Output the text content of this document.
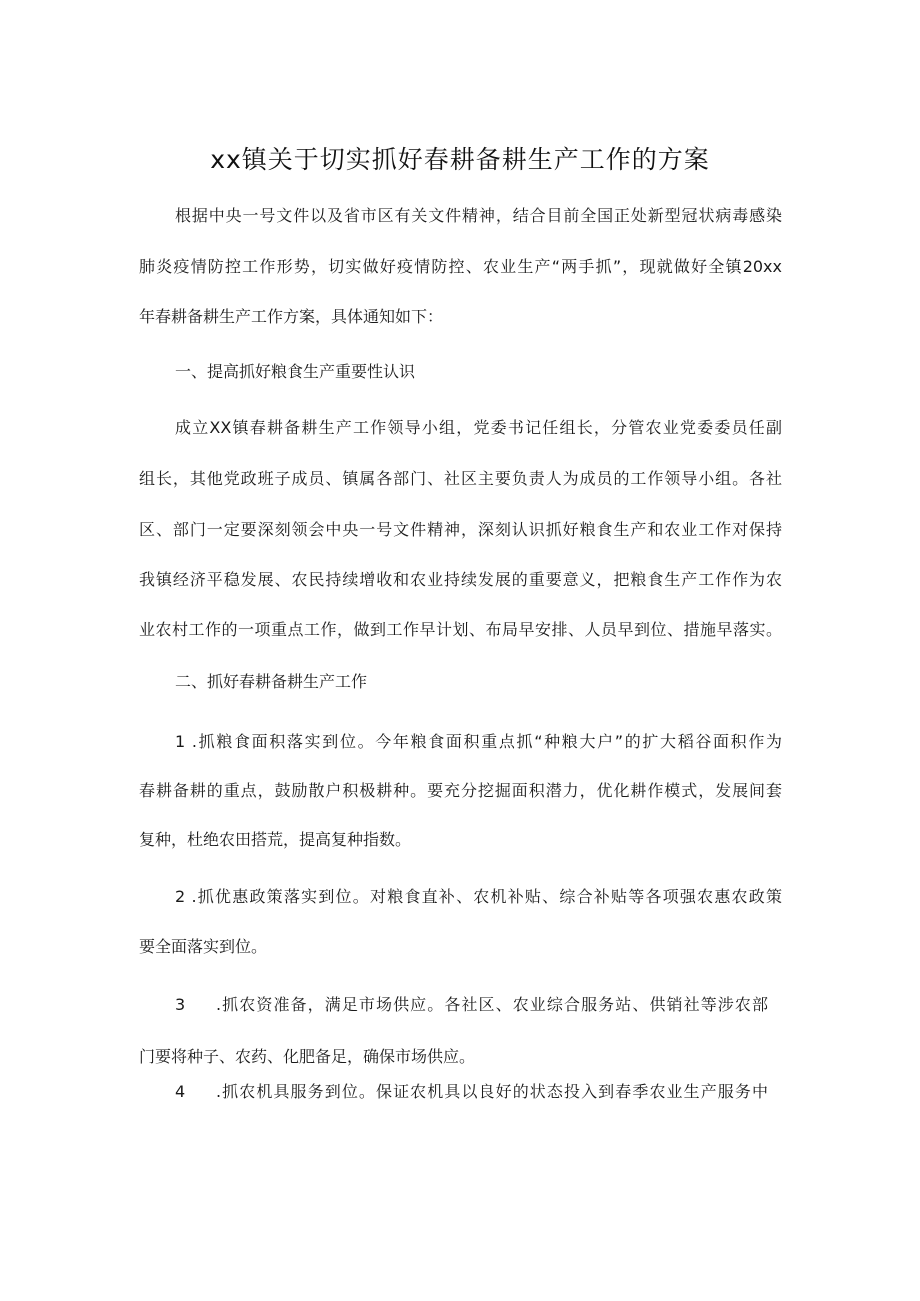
xx镇关于切实抓好春耕备耕生产工作的方案
根据中央一号文件以及省市区有关文件精神，结合目前全国正处新型冠状病毒感染
肺炎疫情防控工作形势，切实做好疫情防控、农业生产“两手抓”，现就做好全镇20xx
年春耕备耕生产工作方案，具体通知如下：
一、提高抓好粮食生产重要性认识
成立XX镇春耕备耕生产工作领导小组，党委书记任组长，分管农业党委委员任副
组长，其他党政班子成员、镇属各部门、社区主要负责人为成员的工作领导小组。各社
区、部门一定要深刻领会中央一号文件精神，深刻认识抓好粮食生产和农业工作对保持
我镇经济平稳发展、农民持续增收和农业持续发展的重要意义，把粮食生产工作作为农
业农村工作的一项重点工作，做到工作早计划、布局早安排、人员早到位、措施早落实。
二、抓好春耕备耕生产工作
1 .抓粮食面积落实到位。今年粮食面积重点抓“种粮大户”的扩大稻谷面积作为
春耕备耕的重点，鼓励散户积极耕种。要充分挖掘面积潜力，优化耕作模式，发展间套
复种，杜绝农田搭荒，提高复种指数。
2 .抓优惠政策落实到位。对粮食直补、农机补贴、综合补贴等各项强农惠农政策
要全面落实到位。
3 .抓农资准备，满足市场供应。各社区、农业综合服务站、供销社等涉农部
门要将种子、农药、化肥备足，确保市场供应。
4 .抓农机具服务到位。保证农机具以良好的状态投入到春季农业生产服务中
